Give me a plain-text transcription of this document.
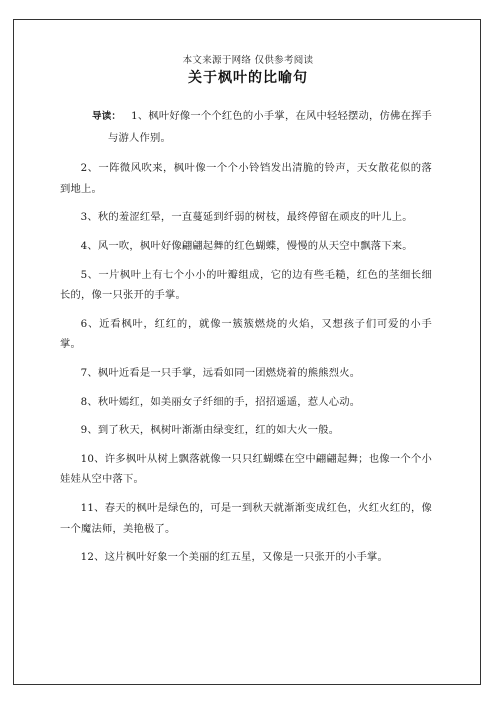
本文来源于网络 仅供参考阅读
关于枫叶的比喻句

导读： 1、枫叶好像一个个红色的小手掌，在风中轻轻摆动，仿佛在挥手与游人作别。

2、一阵微风吹来，枫叶像一个个小铃铛发出清脆的铃声，天女散花似的落到地上。

3、秋的羞涩红晕，一直蔓延到纤弱的树枝，最终停留在顽皮的叶儿上。

4、风一吹，枫叶好像翩翩起舞的红色蝴蝶，慢慢的从天空中飘落下来。

5、一片枫叶上有七个小小的叶瓣组成，它的边有些毛糙，红色的茎细长细长的，像一只张开的手掌。

6、近看枫叶，红红的，就像一簇簇燃烧的火焰，又想孩子们可爱的小手掌。

7、枫叶近看是一只手掌，远看如同一团燃烧着的熊熊烈火。

8、秋叶嫣红，如美丽女子纤细的手，招招遥遥，惹人心动。

9、到了秋天，枫树叶渐渐由绿变红，红的如大火一般。

10、许多枫叶从树上飘落就像一只只红蝴蝶在空中翩翩起舞；也像一个个小娃娃从空中落下。

11、春天的枫叶是绿色的，可是一到秋天就渐渐变成红色，火红火红的，像一个魔法师，美艳极了。

12、这片枫叶好象一个美丽的红五星，又像是一只张开的小手掌。
